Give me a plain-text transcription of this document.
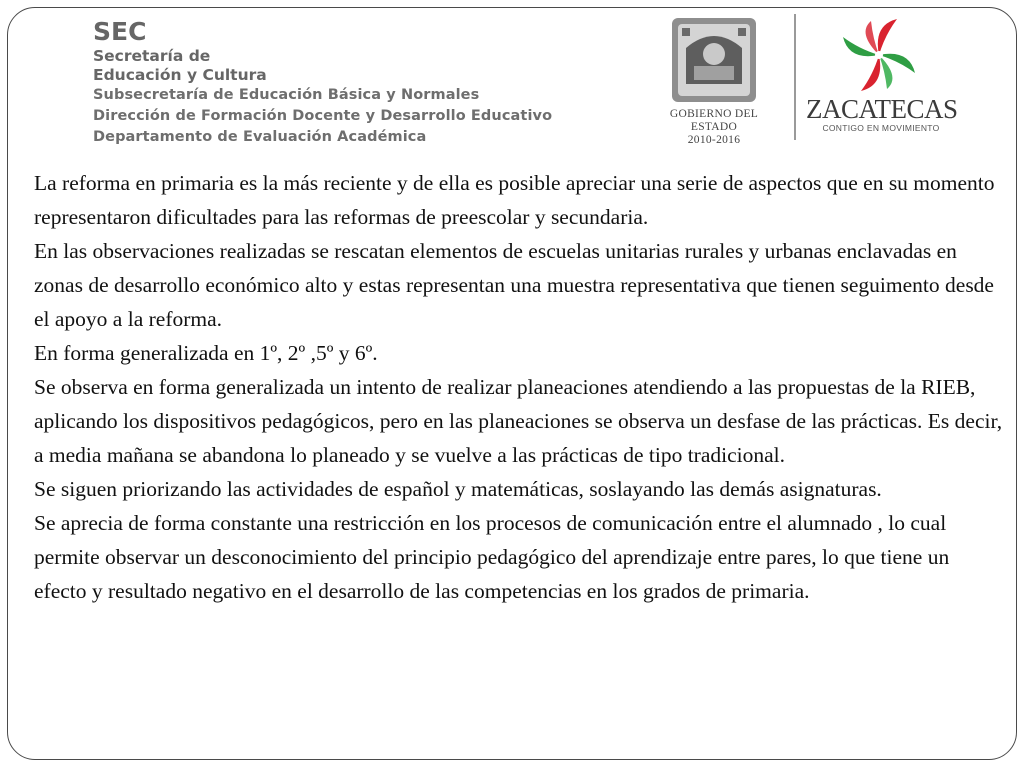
SEC
Secretaría de
Educación y Cultura
Subsecretaría de Educación Básica y Normales
Dirección de Formación Docente y Desarrollo Educativo
Departamento de Evaluación Académica
GOBIERNO DEL ESTADO
2010-2016
ZACATECAS
CONTIGO EN MOVIMIENTO

La reforma en primaria es la más reciente y de ella es posible apreciar una serie de aspectos que en su momento representaron dificultades para las reformas de preescolar y secundaria.

En las observaciones realizadas se rescatan elementos de escuelas unitarias rurales y urbanas enclavadas en zonas de desarrollo económico alto y estas representan una muestra representativa que tienen seguimento desde el apoyo a la reforma.

En forma generalizada en 1º, 2º ,5º y 6º.

Se observa en forma generalizada un intento de realizar planeaciones atendiendo a las propuestas de la RIEB, aplicando los dispositivos pedagógicos, pero en las planeaciones se observa un desfase de las prácticas. Es decir, a media mañana se abandona lo planeado y se vuelve a las prácticas de tipo tradicional.

Se siguen priorizando las actividades de español y matemáticas, soslayando las demás asignaturas.

Se aprecia de forma constante una restricción en los procesos de comunicación entre el alumnado , lo cual permite observar un desconocimiento del principio pedagógico del aprendizaje entre pares, lo que tiene un efecto y resultado negativo en el desarrollo de las competencias en los grados de primaria.
